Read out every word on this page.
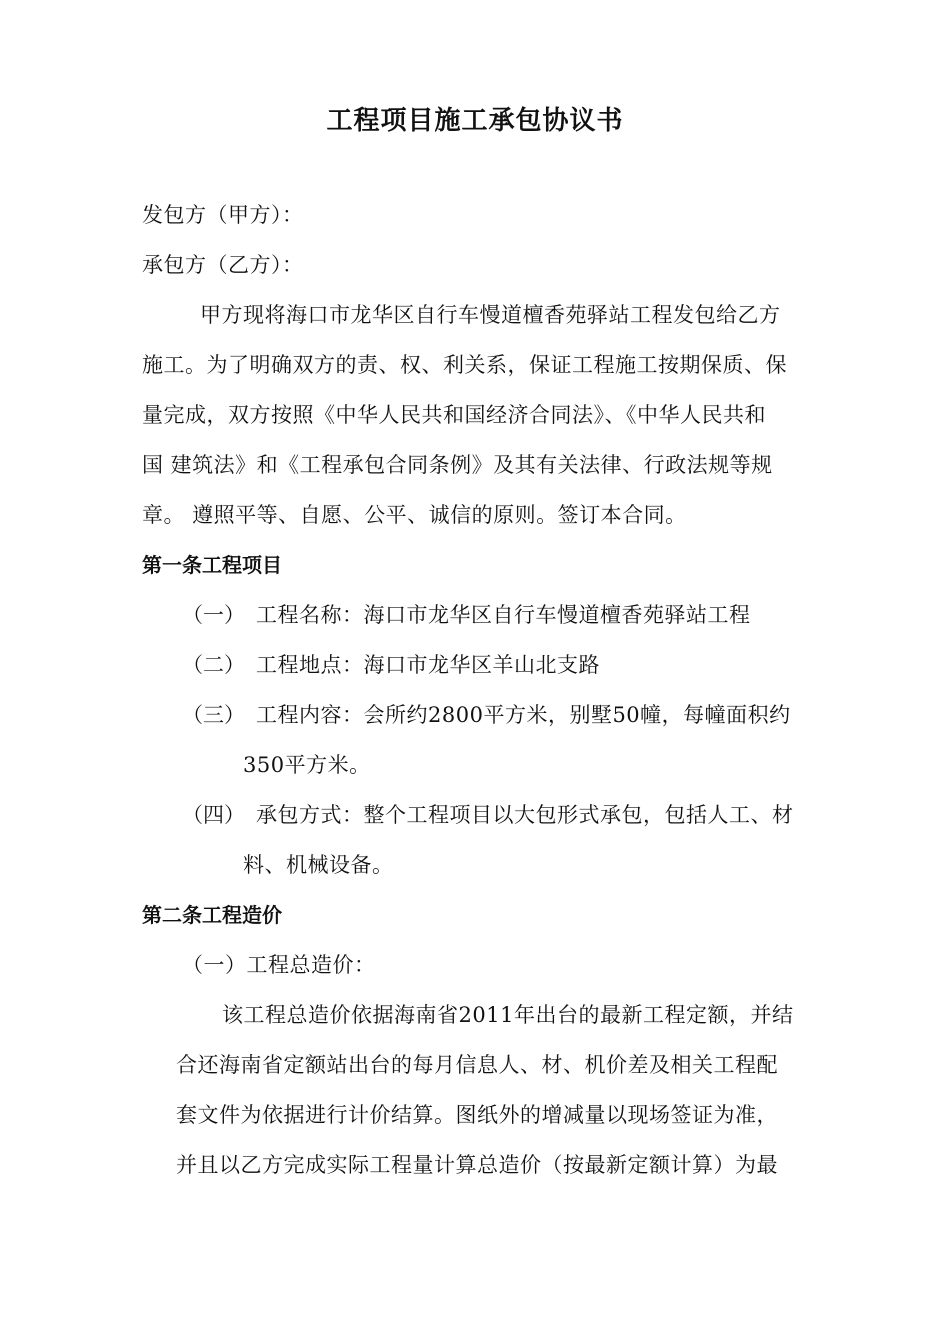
工程项目施工承包协议书
发包方（甲方）：
承包方（乙方）：
甲方现将海口市龙华区自行车慢道檀香苑驿站工程发包给乙方
施工。为了明确双方的责、权、利关系，保证工程施工按期保质、保
量完成，双方按照《中华人民共和国经济合同法》、《中华人民共和
国 建筑法》和《工程承包合同条例》及其有关法律、行政法规等规
章。 遵照平等、自愿、公平、诚信的原则。签订本合同。
第一条工程项目
（一） 工程名称：海口市龙华区自行车慢道檀香苑驿站工程
（二） 工程地点：海口市龙华区羊山北支路
（三） 工程内容：会所约2800平方米，别墅50幢，每幢面积约
350平方米。
（四） 承包方式：整个工程项目以大包形式承包，包括人工、材
料、机械设备。
第二条工程造价
（一）工程总造价：
该工程总造价依据海南省2011年出台的最新工程定额，并结
合还海南省定额站出台的每月信息人、材、机价差及相关工程配
套文件为依据进行计价结算。图纸外的增减量以现场签证为准，
并且以乙方完成实际工程量计算总造价（按最新定额计算）为最
